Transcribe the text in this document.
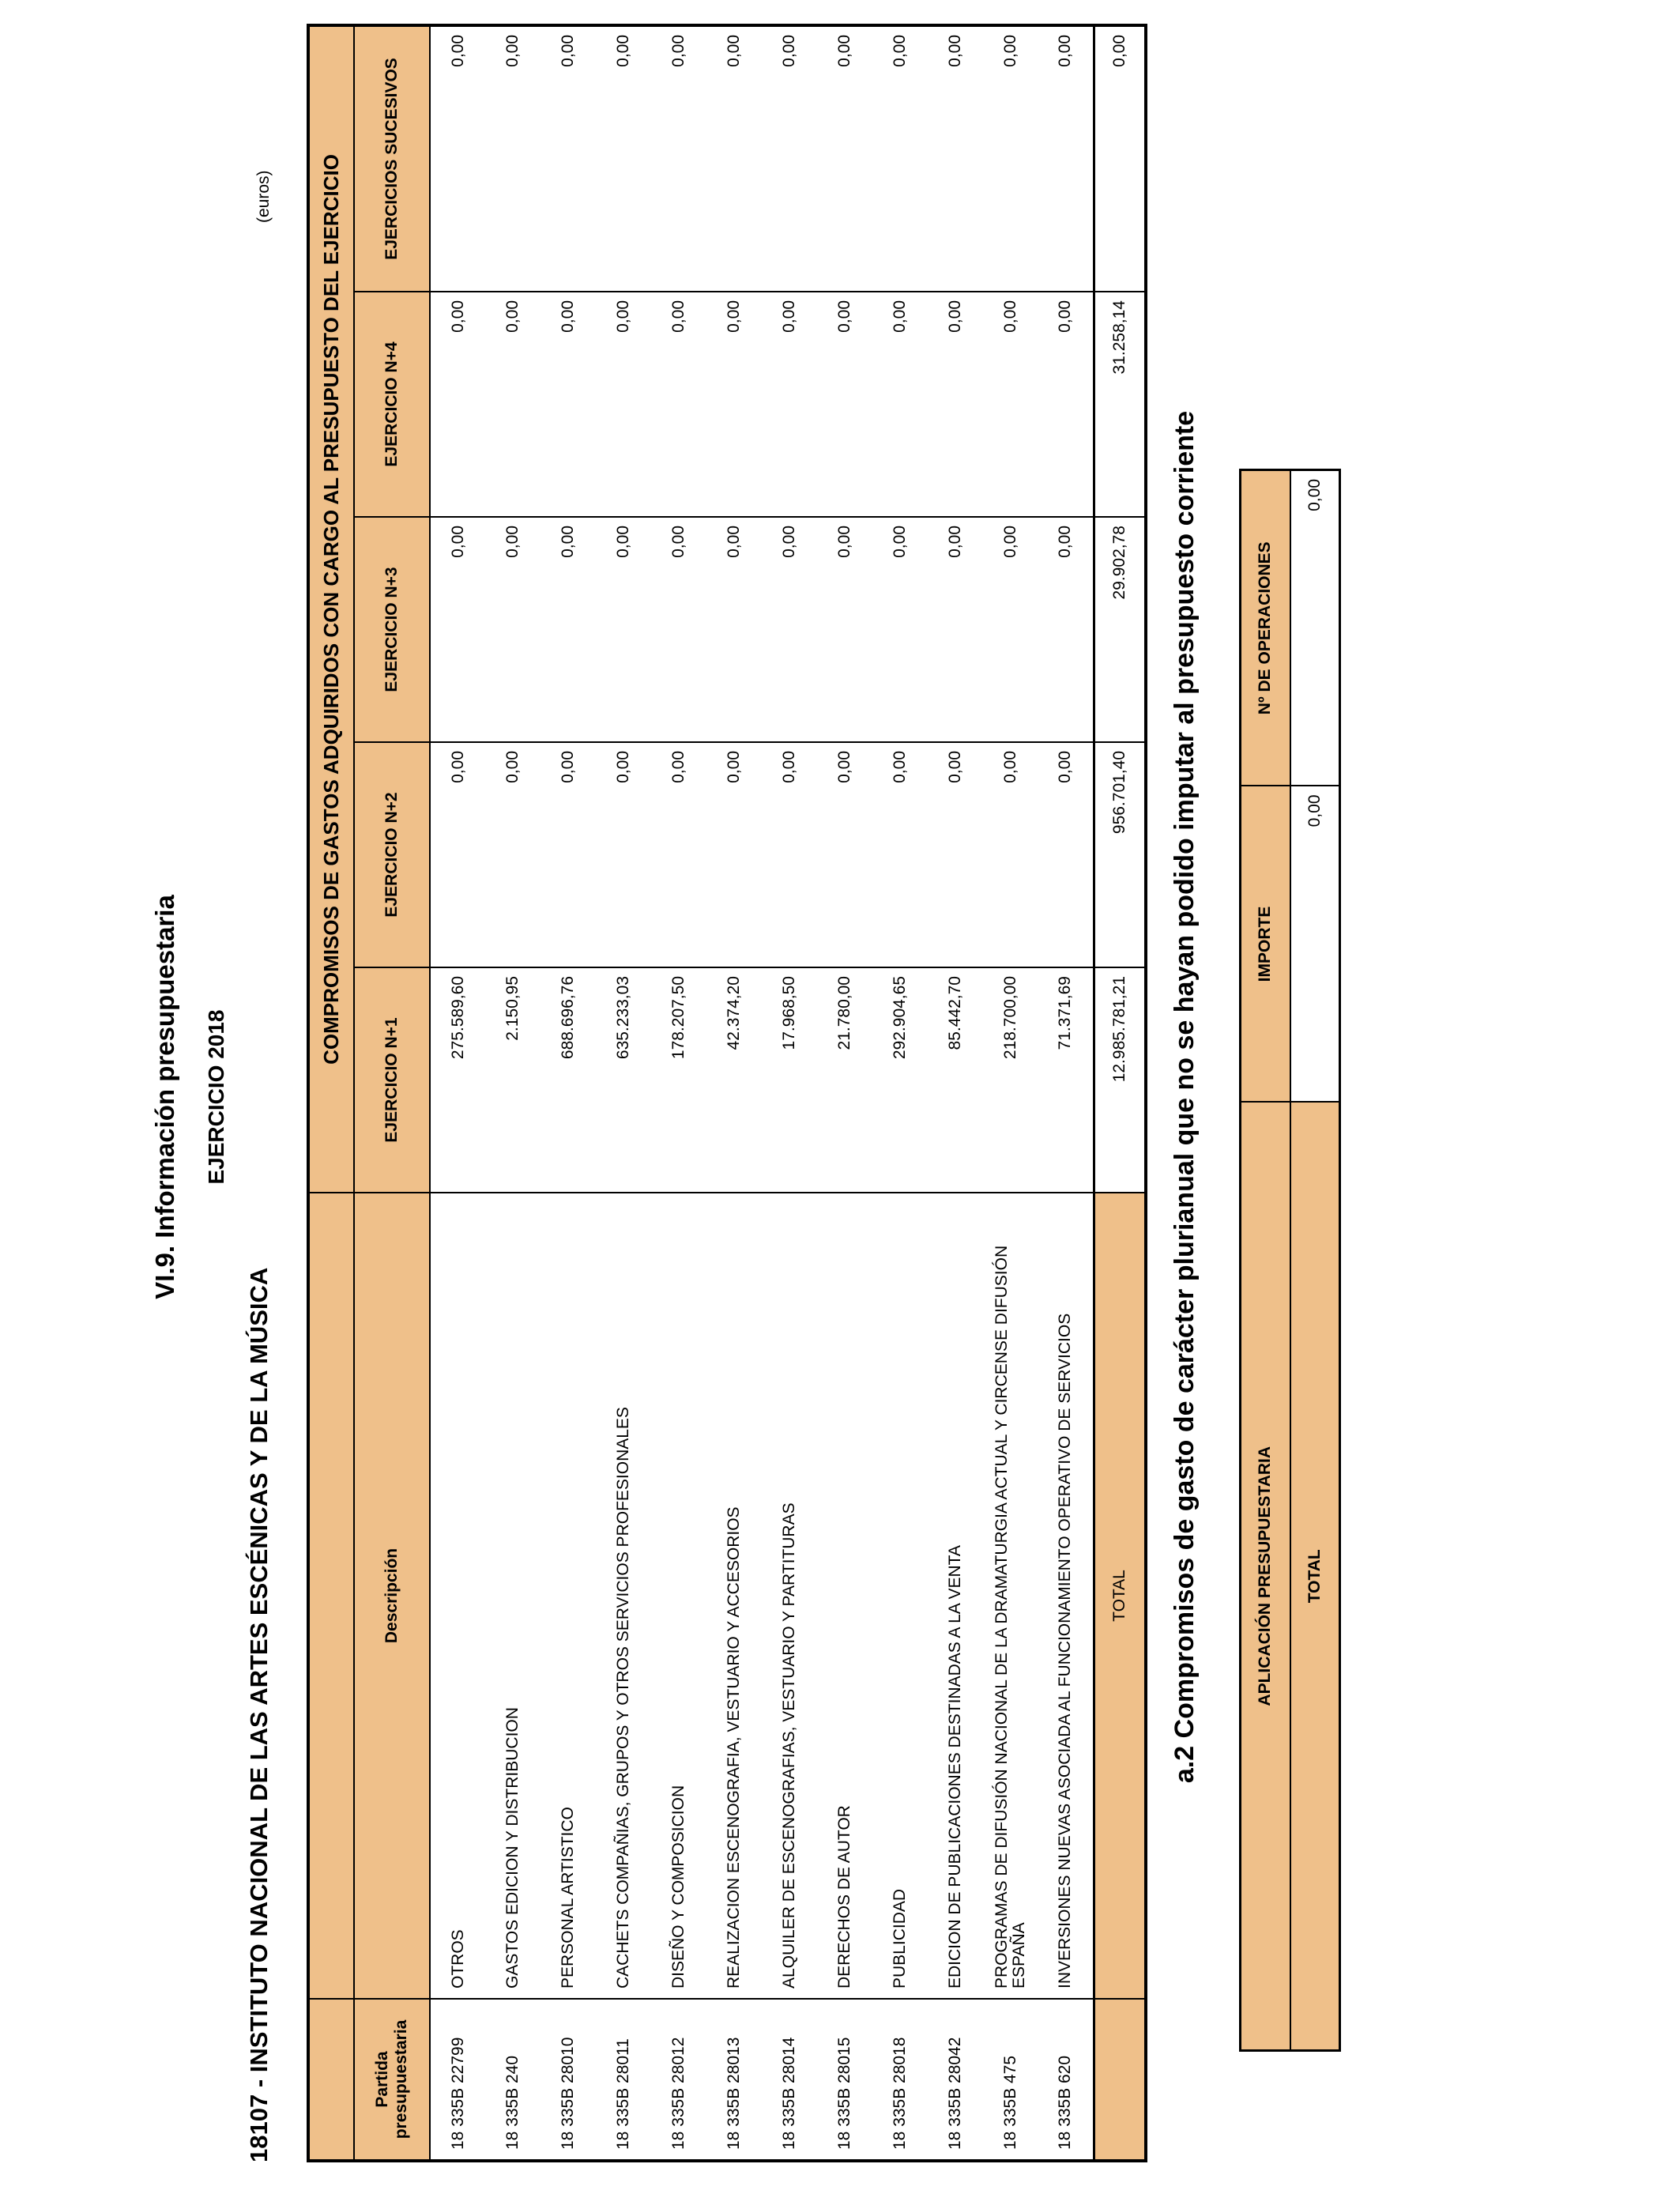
VI.9. Información presupuestaria EJERCICIO 2018
18107 - INSTITUTO NACIONAL DE LAS ARTES ESCÉNICAS Y DE LA MÚSICA
(euros)
		COMPROMISOS DE GASTOS ADQUIRIDOS CON CARGO AL PRESUPUESTO DEL EJERCICIO				
Partida presupuestaria	Descripción	EJERCICIO N+1	EJERCICIO N+2	EJERCICIO N+3	EJERCICIO N+4	EJERCICIOS SUCESIVOS
18 335B22799	OTROS	275.589,60	0,00	0,00	0,00	0,00
18 335B240	GASTOS EDICION Y DISTRIBUCION	2.150,95	0,00	0,00	0,00	0,00
18 335B28010	PERSONAL ARTISTICO	688.696,76	0,00	0,00	0,00	0,00
18 335B28011	CACHETS COMPAÑIAS, GRUPOS Y OTROS SERVICIOS PROFESIONALES	635.233,03	0,00	0,00	0,00	0,00
18 335B28012	DISEÑO Y COMPOSICION	178.207,50	0,00	0,00	0,00	0,00
18 335B28013	REALIZACION ESCENOGRAFIA, VESTUARIO Y ACCESORIOS	42.374,20	0,00	0,00	0,00	0,00
18 335B28014	ALQUILER DE ESCENOGRAFIAS, VESTUARIO Y PARTITURAS	17.968,50	0,00	0,00	0,00	0,00
18 335B28015	DERECHOS DE AUTOR	21.780,00	0,00	0,00	0,00	0,00
18 335B28018	PUBLICIDAD	292.904,65	0,00	0,00	0,00	0,00
18 335B28042	EDICION DE PUBLICACIONES DESTINADAS A LA VENTA	85.442,70	0,00	0,00	0,00	0,00
18 335B475	PROGRAMAS DE DIFUSIÓN NACIONAL DE LA DRAMATURGIA ACTUAL Y CIRCENSE DIFUSIÓN ESPAÑA	218.700,00	0,00	0,00	0,00	0,00
18 335B620	INVERSIONES NUEVAS ASOCIADA AL FUNCIONAMIENTO OPERATIVO DE SERVICIOS	71.371,69	0,00	0,00	0,00	0,00
	TOTAL	12.985.781,21	956.701,40	29.902,78	31.258,14	0,00
a.2 Compromisos de gasto de carácter plurianual que no se hayan podido imputar al presupuesto corriente	APLICACIÓN PRESUPUESTARIA	IMPORTE	Nº DE OPERACIONES
TOTAL	0,00	0,00
